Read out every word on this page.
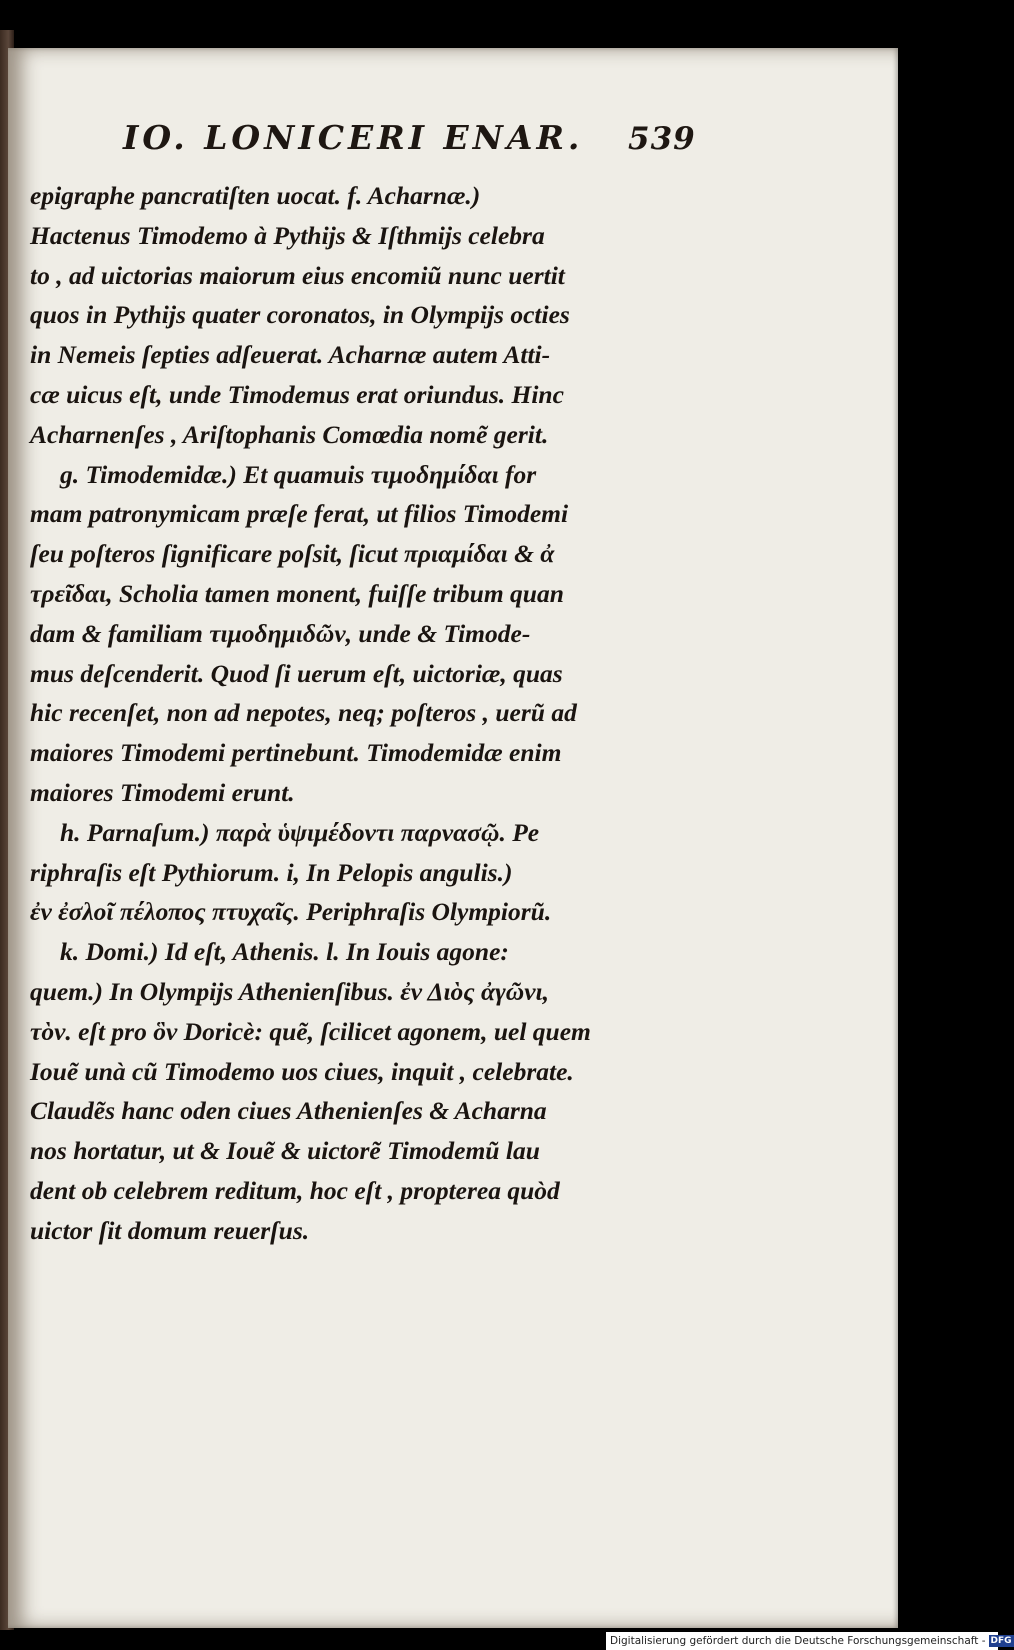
IO. LONICERI ENAR.	539
epigraphe pancratiſten uocat. f. Acharnæ.)
Hactenus Timodemo à Pythijs & Iſthmijs celebra
to , ad uictorias maiorum eius encomiũ nunc uertit
quos in Pythijs quater coronatos, in Olympijs octies
in Nemeis ſepties adſeuerat. Acharnæ autem Atti-
cæ uicus eſt, unde Timodemus erat oriundus. Hinc
Acharnenſes , Ariſtophanis Comœdia nomẽ gerit.
g. Timodemidæ.) Et quamuis τιμοδημίδαι for
mam patronymicam præſe ferat, ut filios Timodemi
ſeu poſteros ſignificare poſsit, ſicut πριαμίδαι & ἀ
τρεῖδαι, Scholia tamen monent, fuiſſe tribum quan
dam & familiam τιμοδημιδῶν, unde & Timode-
mus deſcenderit. Quod ſi uerum eſt, uictoriæ, quas
hic recenſet, non ad nepotes, neq; poſteros , uerũ ad
maiores Timodemi pertinebunt. Timodemidæ enim
maiores Timodemi erunt.
h. Parnaſum.) παρὰ ὑψιμέδοντι παρνασῷ. Pe
riphraſis eſt Pythiorum. i, In Pelopis angulis.)
ἐν ἐσλοῖ πέλοπος πτυχαῖς. Periphraſis Olympiorũ.
k. Domi.) Id eſt, Athenis. l. In Iouis agone:
quem.) In Olympijs Athenienſibus. ἐν Διὸς ἀγῶνι,
τὸν. eſt pro ὃν Doricè: quẽ, ſcilicet agonem, uel quem
Iouẽ unà cũ Timodemo uos ciues, inquit , celebrate.
Claudẽs hanc oden ciues Athenienſes & Acharna
nos hortatur, ut & Iouẽ & uictorẽ Timodemũ lau
dent ob celebrem reditum, hoc eſt , propterea quòd
uictor ſit domum reuerſus.
Digitalisierung gefördert durch die Deutsche Forschungsgemeinschaft - DFG
